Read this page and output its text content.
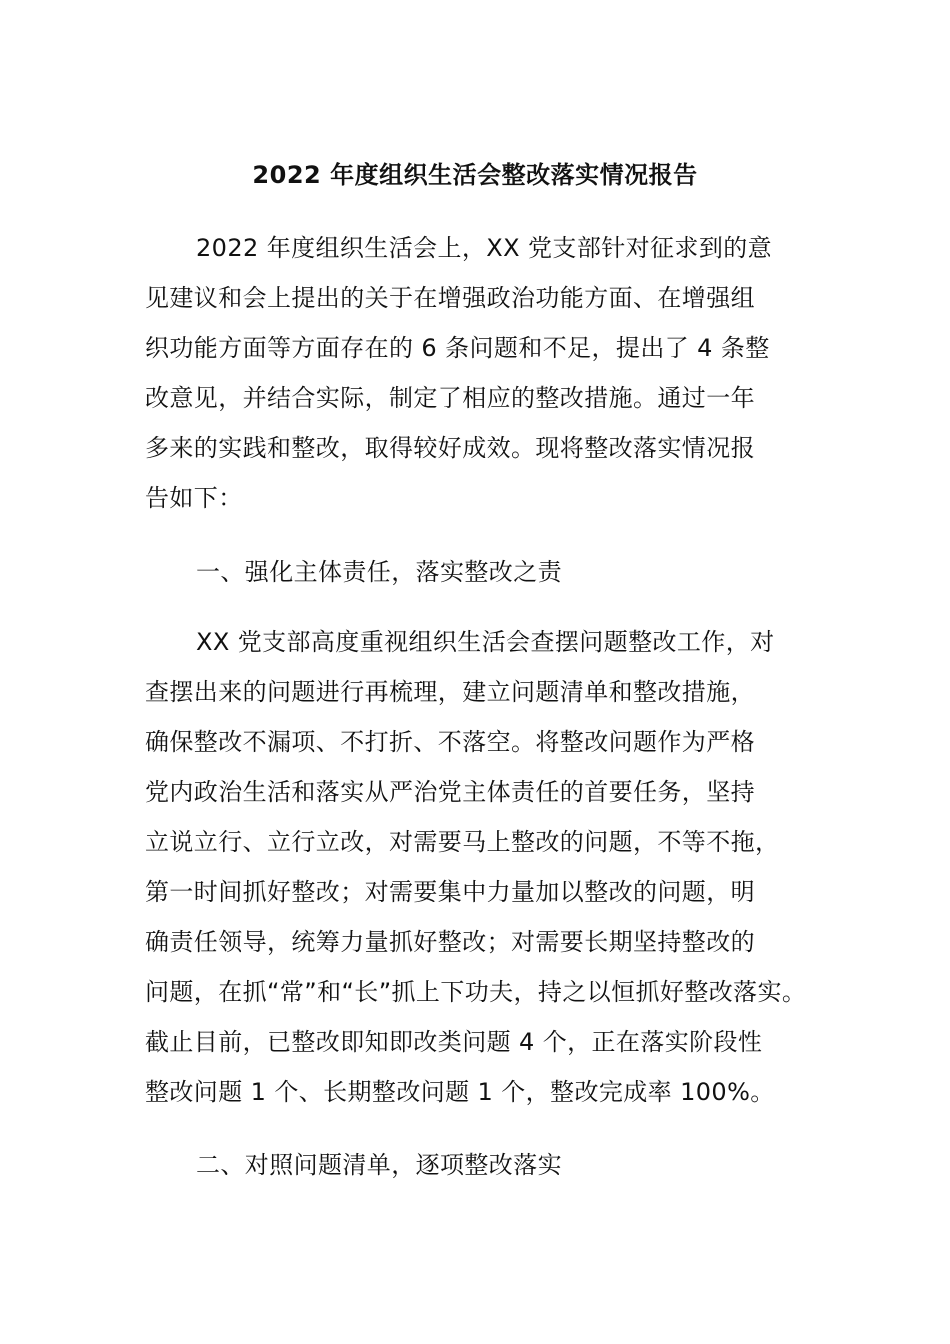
2022 年度组织生活会整改落实情况报告

2022 年度组织生活会上，XX 党支部针对征求到的意

见建议和会上提出的关于在增强政治功能方面、在增强组

织功能方面等方面存在的 6 条问题和不足，提出了 4 条整

改意见，并结合实际，制定了相应的整改措施。通过一年

多来的实践和整改，取得较好成效。现将整改落实情况报

告如下：

一、强化主体责任，落实整改之责

XX 党支部高度重视组织生活会查摆问题整改工作，对

查摆出来的问题进行再梳理，建立问题清单和整改措施，

确保整改不漏项、不打折、不落空。将整改问题作为严格

党内政治生活和落实从严治党主体责任的首要任务，坚持

立说立行、立行立改，对需要马上整改的问题，不等不拖，

第一时间抓好整改；对需要集中力量加以整改的问题，明

确责任领导，统筹力量抓好整改；对需要长期坚持整改的

问题，在抓“常”和“长”抓上下功夫，持之以恒抓好整改落实。

截止目前，已整改即知即改类问题 4 个，正在落实阶段性

整改问题 1 个、长期整改问题 1 个，整改完成率 100%。

二、对照问题清单，逐项整改落实
